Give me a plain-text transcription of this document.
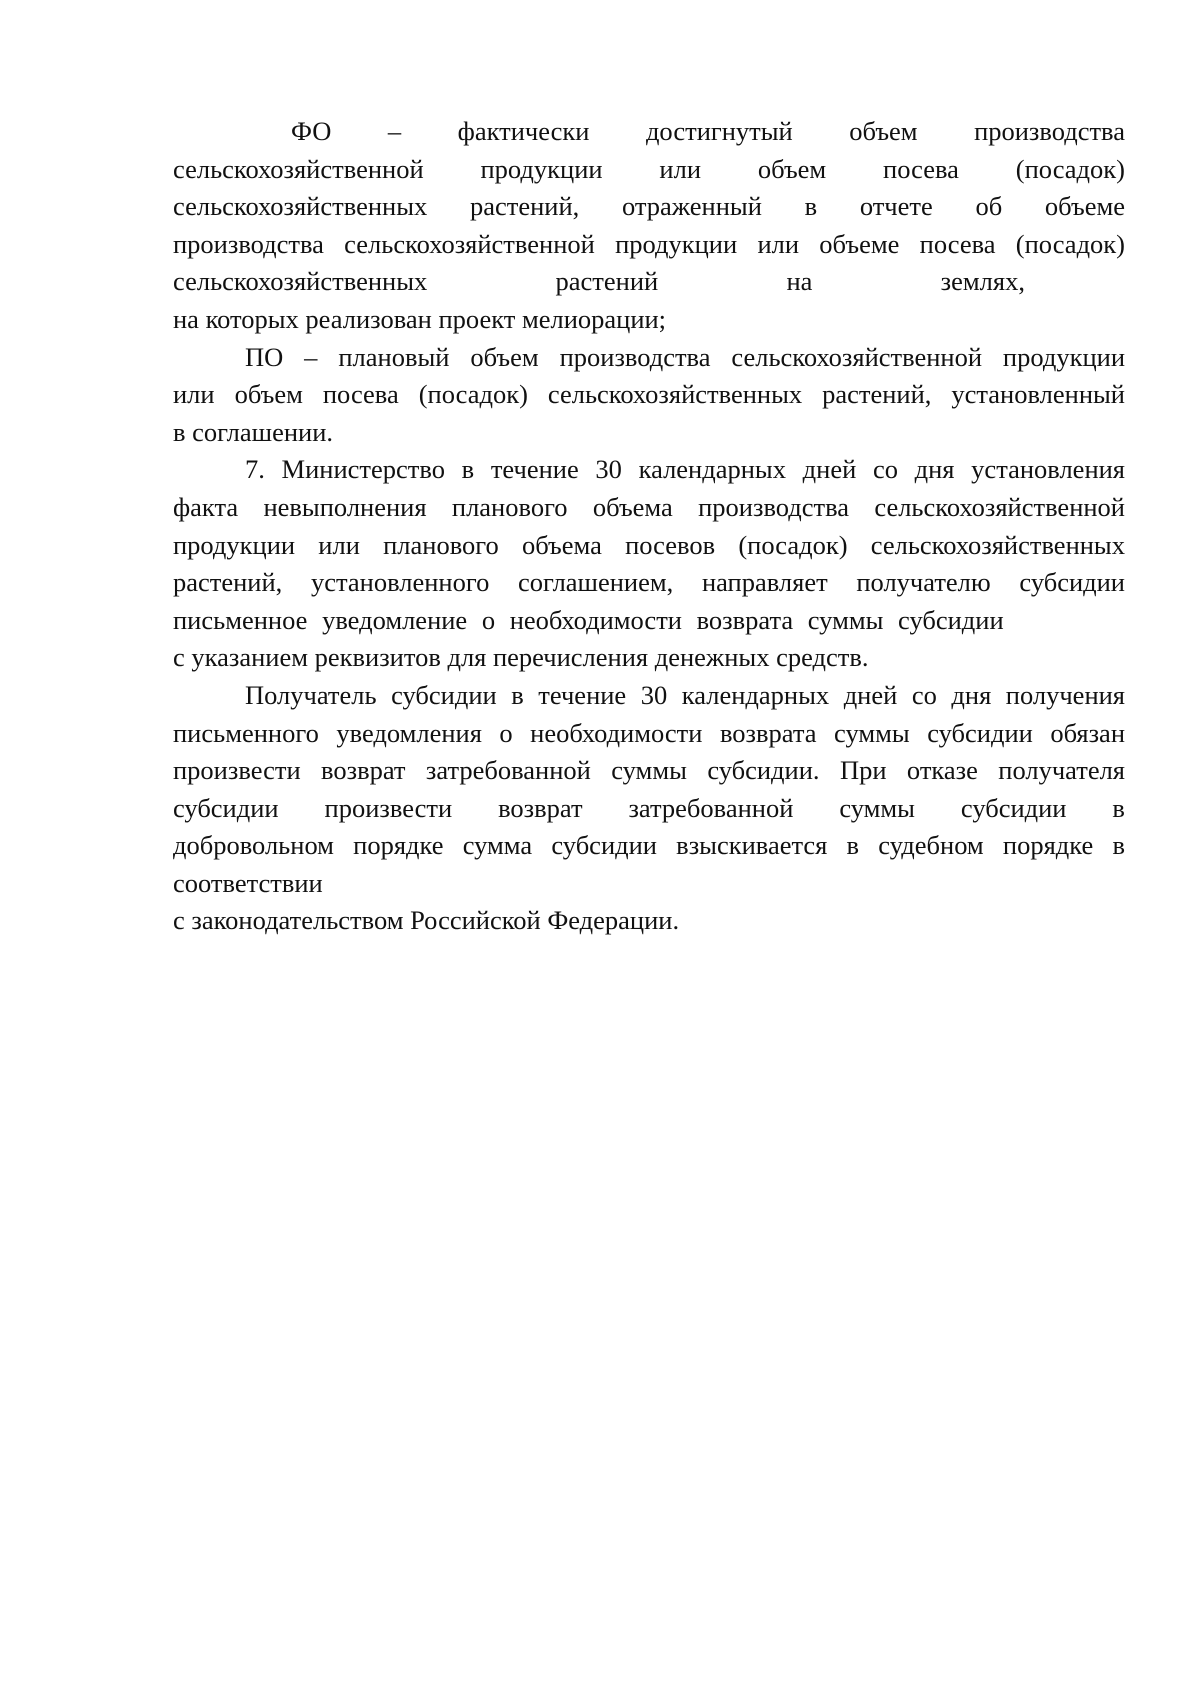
ФО – фактически достигнутый объем производства
сельскохозяйственной продукции или объем посева (посадок)
сельскохозяйственных растений, отраженный в отчете об объеме
производства сельскохозяйственной продукции или объеме посева (посадок)
сельскохозяйственных	растений	на	землях,
на которых реализован проект мелиорации;
ПО – плановый объем производства сельскохозяйственной продукции
или объем посева (посадок) сельскохозяйственных растений, установленный
в соглашении.
7. Министерство в течение 30 календарных дней со дня установления
факта невыполнения планового объема производства сельскохозяйственной
продукции или планового объема посевов (посадок) сельскохозяйственных
растений, установленного соглашением, направляет получателю субсидии
письменное уведомление о необходимости возврата суммы субсидии
с указанием реквизитов для перечисления денежных средств.
Получатель субсидии в течение 30 календарных дней со дня получения
письменного уведомления о необходимости возврата суммы субсидии обязан
произвести возврат затребованной суммы субсидии. При отказе получателя
субсидии произвести возврат затребованной суммы субсидии в
добровольном порядке сумма субсидии взыскивается в судебном порядке в
соответствии
с законодательством Российской Федерации.
